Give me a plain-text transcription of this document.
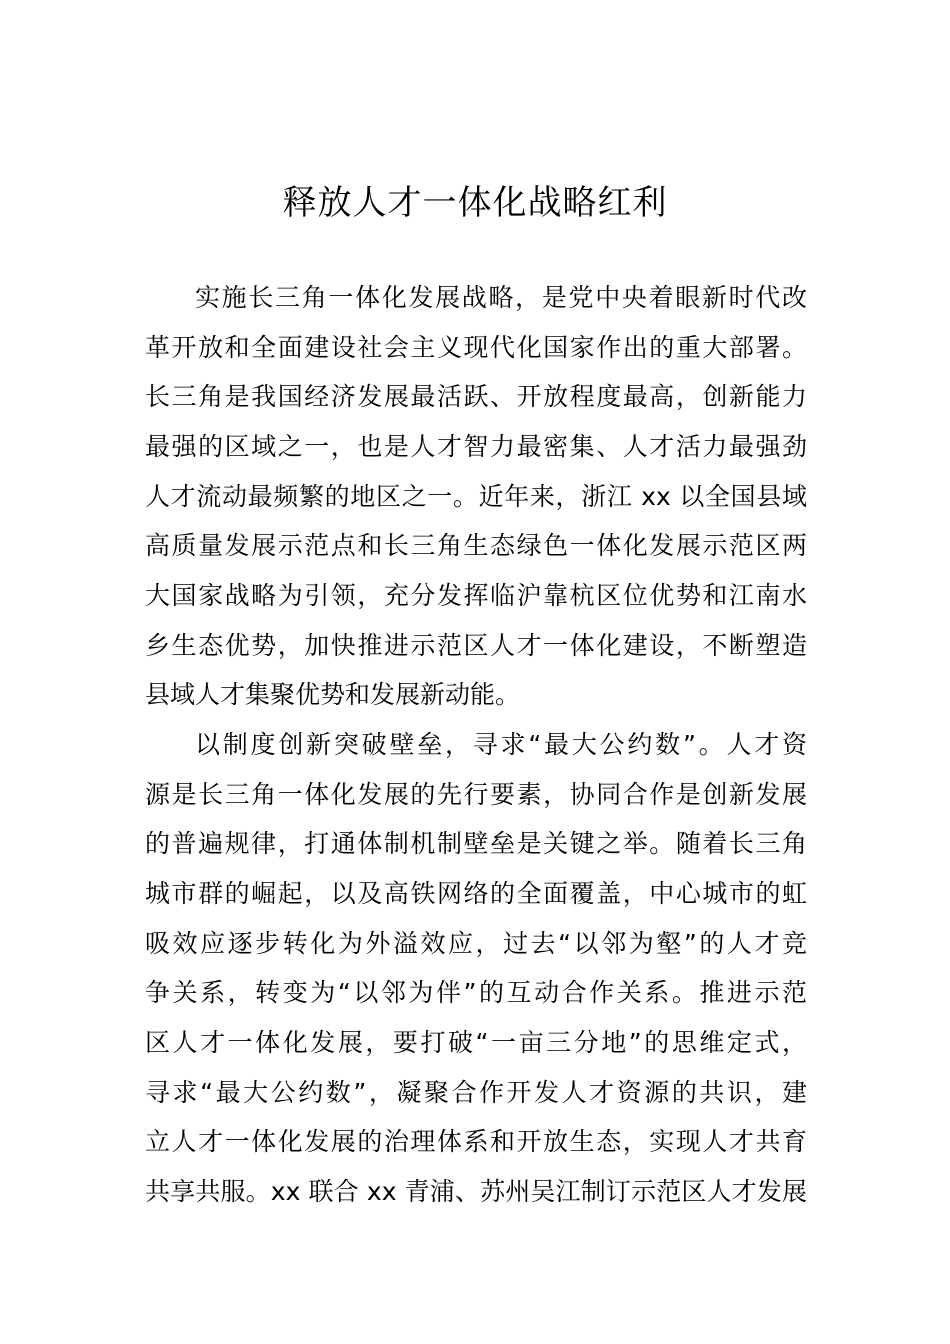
释放人才一体化战略红利
实施长三角一体化发展战略，是党中央着眼新时代改
革开放和全面建设社会主义现代化国家作出的重大部署。
长三角是我国经济发展最活跃、开放程度最高，创新能力
最强的区域之一，也是人才智力最密集、人才活力最强劲
人才流动最频繁的地区之一。近年来，浙江 xx 以全国县域
高质量发展示范点和长三角生态绿色一体化发展示范区两
大国家战略为引领，充分发挥临沪靠杭区位优势和江南水
乡生态优势，加快推进示范区人才一体化建设，不断塑造
县域人才集聚优势和发展新动能。
以制度创新突破壁垒，寻求“最大公约数”。人才资
源是长三角一体化发展的先行要素，协同合作是创新发展
的普遍规律，打通体制机制壁垒是关键之举。随着长三角
城市群的崛起，以及高铁网络的全面覆盖，中心城市的虹
吸效应逐步转化为外溢效应，过去“以邻为壑”的人才竞
争关系，转变为“以邻为伴”的互动合作关系。推进示范
区人才一体化发展，要打破“一亩三分地”的思维定式，
寻求“最大公约数”，凝聚合作开发人才资源的共识，建
立人才一体化发展的治理体系和开放生态，实现人才共育
共享共服。xx 联合 xx 青浦、苏州吴江制订示范区人才发展
